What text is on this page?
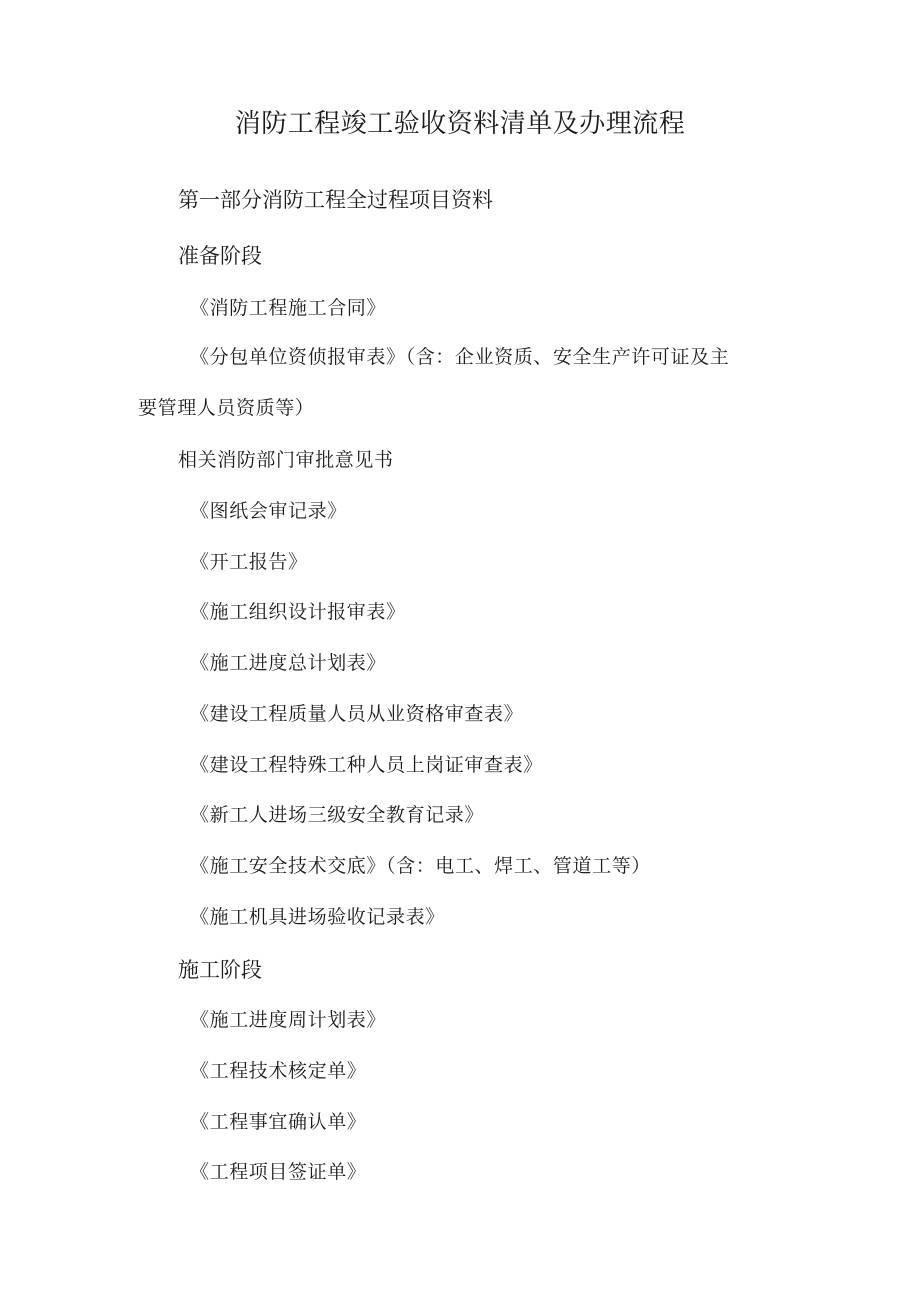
消防工程竣工验收资料清单及办理流程
第一部分消防工程全过程项目资料
准备阶段
《消防工程施工合同》
《分包单位资侦报审表》（含：企业资质、安全生产许可证及主
要管理人员资质等）
相关消防部门审批意见书
《图纸会审记录》
《开工报告》
《施工组织设计报审表》
《施工进度总计划表》
《建设工程质量人员从业资格审查表》
《建设工程特殊工种人员上岗证审查表》
《新工人进场三级安全教育记录》
《施工安全技术交底》（含：电工、焊工、管道工等）
《施工机具进场验收记录表》
施工阶段
《施工进度周计划表》
《工程技术核定单》
《工程事宜确认单》
《工程项目签证单》
